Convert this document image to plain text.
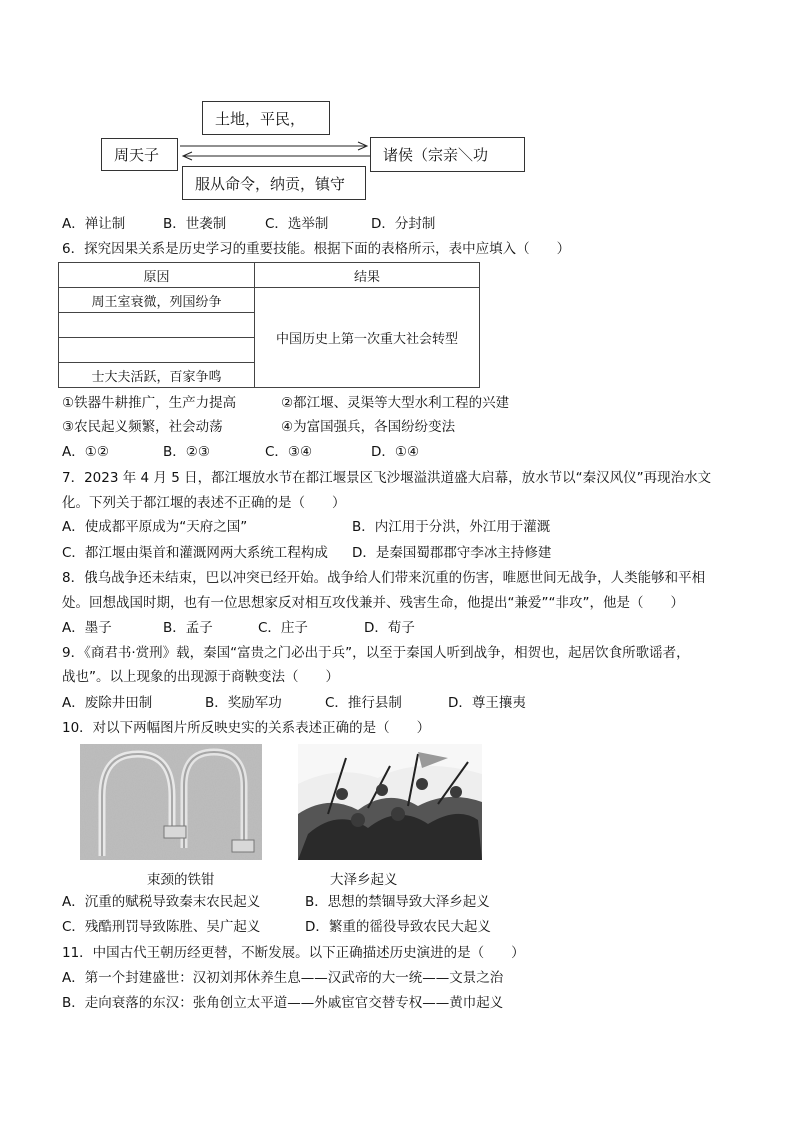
土地，平民，
周天子	诸侯（宗亲＼功
服从命令，纳贡，镇守
A．禅让制	B．世袭制	C．选举制	D．分封制
6．探究因果关系是历史学习的重要技能。根据下面的表格所示，表中应填入（　　）
原因	结果
周王室衰微，列国纷争	中国历史上第一次重大社会转型

士大夫活跃，百家争鸣	
①铁器牛耕推广，生产力提高	②都江堰、灵渠等大型水利工程的兴建
③农民起义频繁，社会动荡	④为富国强兵，各国纷纷变法
A．①②	B．②③	C．③④	D．①④
7．2023 年 4 月 5 日，都江堰放水节在都江堰景区飞沙堰溢洪道盛大启幕，放水节以“秦汉风仪”再现治水文
化。下列关于都江堰的表述不正确的是（　　）
A．使成都平原成为“天府之国”	B．内江用于分洪，外江用于灌溉
C．都江堰由渠首和灌溉网两大系统工程构成 D．是秦国蜀郡郡守李冰主持修建
8．俄乌战争还未结束，巴以冲突已经开始。战争给人们带来沉重的伤害，唯愿世间无战争，人类能够和平相
处。回想战国时期，也有一位思想家反对相互攻伐兼并、残害生命，他提出“兼爱”“非攻”，他是（　　）
A．墨子	B．孟子	C．庄子	D．荀子
9．《商君书·赏刑》载，秦国“富贵之门必出于兵”，以至于秦国人听到战争，相贺也，起居饮食所歌谣者，
战也”。以上现象的出现源于商鞅变法（　　）
A．废除井田制	B．奖励军功	C．推行县制	D．尊王攘夷
10．对以下两幅图片所反映史实的关系表述正确的是（　　）
束颈的铁钳	大泽乡起义
A．沉重的赋税导致秦末农民起义	B．思想的禁锢导致大泽乡起义
C．残酷刑罚导致陈胜、吴广起义	D．繁重的徭役导致农民大起义
11．中国古代王朝历经更替，不断发展。以下正确描述历史演进的是（　　）
A．第一个封建盛世：汉初刘邦休养生息——汉武帝的大一统——文景之治
B．走向衰落的东汉：张角创立太平道——外戚宦官交替专权——黄巾起义
